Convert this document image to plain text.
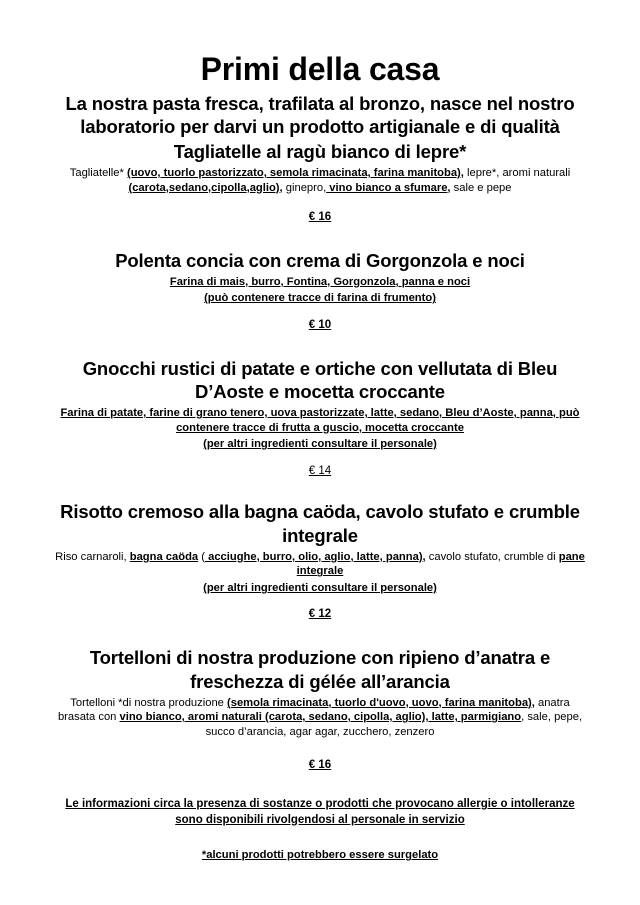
Primi della casa

La nostra pasta fresca, trafilata al bronzo, nasce nel nostro laboratorio per darvi un prodotto artigianale e di qualità

Tagliatelle al ragù bianco di lepre*

Tagliatelle* (uovo, tuorlo pastorizzato, semola rimacinata, farina manitoba), lepre*, aromi naturali (carota,sedano,cipolla,aglio), ginepro, vino bianco a sfumare, sale e pepe

€ 16

Polenta concia con crema di Gorgonzola e noci

Farina di mais, burro, Fontina, Gorgonzola, panna e noci

(può contenere tracce di farina di frumento)

€ 10

Gnocchi rustici di patate e ortiche con vellutata di Bleu D’Aoste e mocetta croccante

Farina di patate, farine di grano tenero, uova pastorizzate, latte, sedano, Bleu d’Aoste, panna, può contenere tracce di frutta a guscio, mocetta croccante

(per altri ingredienti consultare il personale)

€ 14

Risotto cremoso alla bagna caöda, cavolo stufato e crumble integrale

Riso carnaroli, bagna caöda ( acciughe, burro, olio, aglio, latte, panna), cavolo stufato, crumble di pane integrale

(per altri ingredienti consultare il personale)

€ 12

Tortelloni di nostra produzione con ripieno d’anatra e freschezza di gélée all’arancia

Tortelloni *di nostra produzione (semola rimacinata, tuorlo d'uovo, uovo, farina manitoba), anatra brasata con vino bianco, aromi naturali (carota, sedano, cipolla, aglio), latte, parmigiano, sale, pepe, succo d’arancia, agar agar, zucchero, zenzero

€ 16

Le informazioni circa la presenza di sostanze o prodotti che provocano allergie o intolleranze sono disponibili rivolgendosi al personale in servizio

*alcuni prodotti potrebbero essere surgelato
